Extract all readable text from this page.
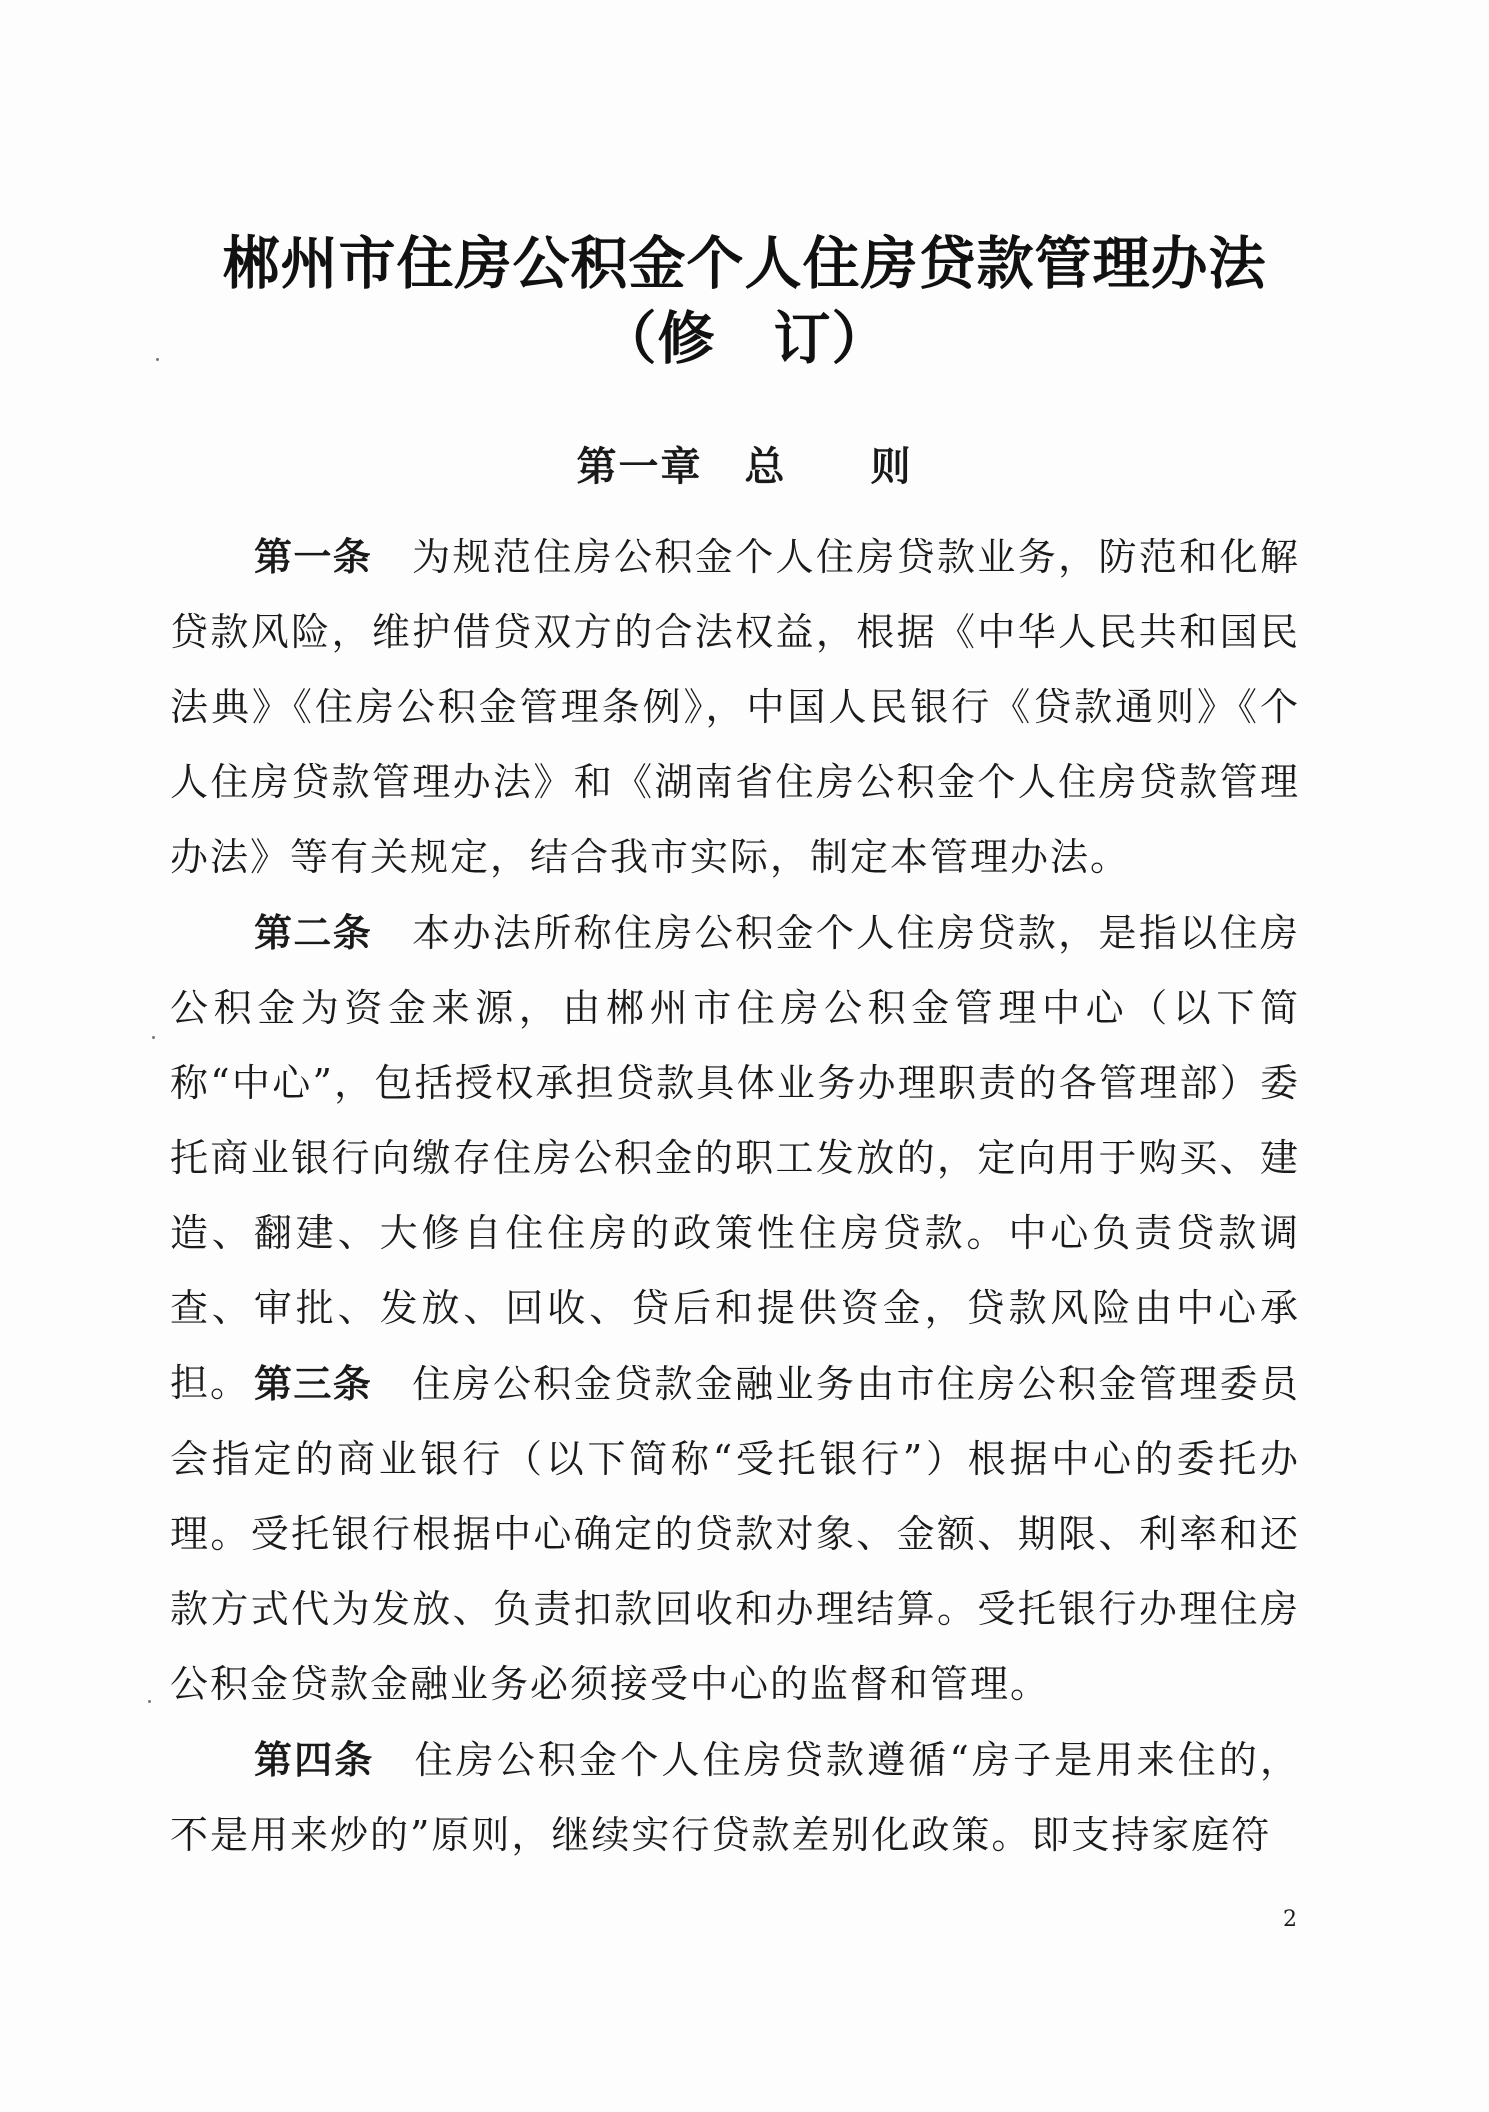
郴州市住房公积金个人住房贷款管理办法
（修　订）
第一章　总　　则
第一条 为规范住房公积金个人住房贷款业务，防范和化解贷款风险，维护借贷双方的合法权益，根据《中华人民共和国民法典》《住房公积金管理条例》，中国人民银行《贷款通则》《个人住房贷款管理办法》和《湖南省住房公积金个人住房贷款管理办法》等有关规定，结合我市实际，制定本管理办法。
第二条 本办法所称住房公积金个人住房贷款，是指以住房公积金为资金来源，由郴州市住房公积金管理中心（以下简称“中心”，包括授权承担贷款具体业务办理职责的各管理部）委托商业银行向缴存住房公积金的职工发放的，定向用于购买、建造、翻建、大修自住住房的政策性住房贷款。中心负责贷款调查、审批、发放、回收、贷后和提供资金，贷款风险由中心承担。 第三条 住房公积金贷款金融业务由市住房公积金管理委员会指定的商业银行（以下简称“受托银行”）根据中心的委托办理。受托银行根据中心确定的贷款对象、金额、期限、利率和还款方式代为发放、负责扣款回收和办理结算。受托银行办理住房公积金贷款金融业务必须接受中心的监督和管理。
第四条 住房公积金个人住房贷款遵循“房子是用来住的，不是用来炒的”原则，继续实行贷款差别化政策。即支持家庭符
2
